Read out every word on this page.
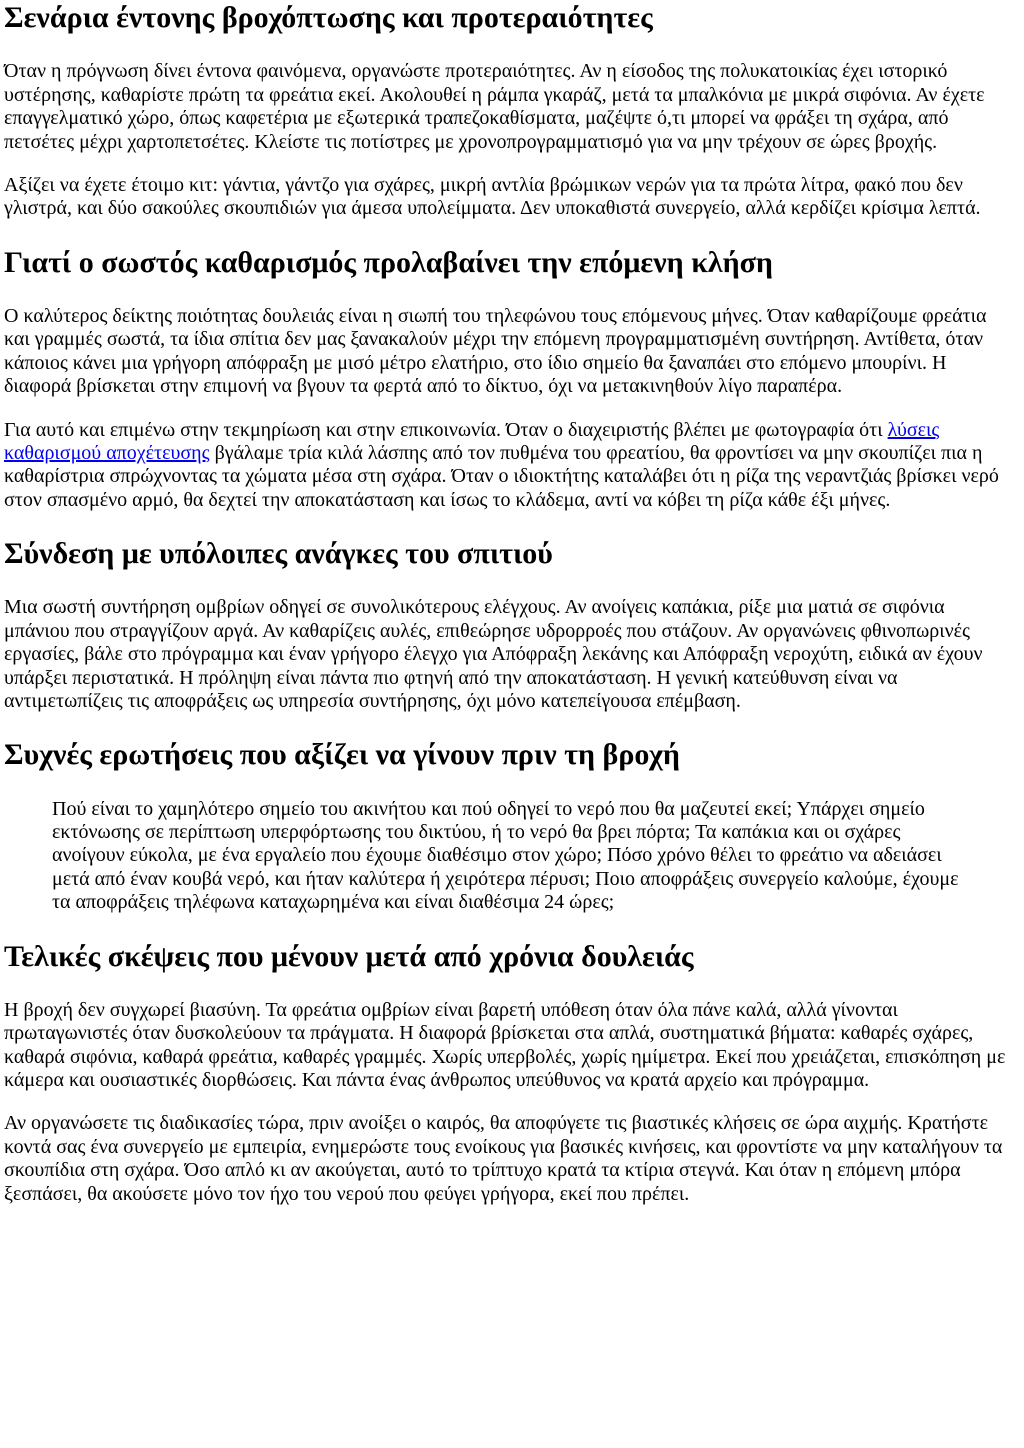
Σενάρια έντονης βροχόπτωσης και προτεραιότητες

Όταν η πρόγνωση δίνει έντονα φαινόμενα, οργανώστε προτεραιότητες. Αν η είσοδος της πολυκατοικίας έχει ιστορικό υστέρησης, καθαρίστε πρώτη τα φρεάτια εκεί. Ακολουθεί η ράμπα γκαράζ, μετά τα μπαλκόνια με μικρά σιφόνια. Αν έχετε επαγγελματικό χώρο, όπως καφετέρια με εξωτερικά τραπεζοκαθίσματα, μαζέψτε ό,τι μπορεί να φράξει τη σχάρα, από πετσέτες μέχρι χαρτοπετσέτες. Κλείστε τις ποτίστρες με χρονοπρογραμματισμό για να μην τρέχουν σε ώρες βροχής.

Αξίζει να έχετε έτοιμο κιτ: γάντια, γάντζο για σχάρες, μικρή αντλία βρώμικων νερών για τα πρώτα λίτρα, φακό που δεν γλιστρά, και δύο σακούλες σκουπιδιών για άμεσα υπολείμματα. Δεν υποκαθιστά συνεργείο, αλλά κερδίζει κρίσιμα λεπτά.

Γιατί ο σωστός καθαρισμός προλαβαίνει την επόμενη κλήση

Ο καλύτερος δείκτης ποιότητας δουλειάς είναι η σιωπή του τηλεφώνου τους επόμενους μήνες. Όταν καθαρίζουμε φρεάτια και γραμμές σωστά, τα ίδια σπίτια δεν μας ξανακαλούν μέχρι την επόμενη προγραμματισμένη συντήρηση. Αντίθετα, όταν κάποιος κάνει μια γρήγορη απόφραξη με μισό μέτρο ελατήριο, στο ίδιο σημείο θα ξαναπάει στο επόμενο μπουρίνι. Η διαφορά βρίσκεται στην επιμονή να βγουν τα φερτά από το δίκτυο, όχι να μετακινηθούν λίγο παραπέρα.

Για αυτό και επιμένω στην τεκμηρίωση και στην επικοινωνία. Όταν ο διαχειριστής βλέπει με φωτογραφία ότι λύσεις καθαρισμού αποχέτευσης βγάλαμε τρία κιλά λάσπης από τον πυθμένα του φρεατίου, θα φροντίσει να μην σκουπίζει πια η καθαρίστρια σπρώχνοντας τα χώματα μέσα στη σχάρα. Όταν ο ιδιοκτήτης καταλάβει ότι η ρίζα της νεραντζιάς βρίσκει νερό στον σπασμένο αρμό, θα δεχτεί την αποκατάσταση και ίσως το κλάδεμα, αντί να κόβει τη ρίζα κάθε έξι μήνες.

Σύνδεση με υπόλοιπες ανάγκες του σπιτιού

Μια σωστή συντήρηση ομβρίων οδηγεί σε συνολικότερους ελέγχους. Αν ανοίγεις καπάκια, ρίξε μια ματιά σε σιφόνια μπάνιου που στραγγίζουν αργά. Αν καθαρίζεις αυλές, επιθεώρησε υδρορροές που στάζουν. Αν οργανώνεις φθινοπωρινές εργασίες, βάλε στο πρόγραμμα και έναν γρήγορο έλεγχο για Απόφραξη λεκάνης και Απόφραξη νεροχύτη, ειδικά αν έχουν υπάρξει περιστατικά. Η πρόληψη είναι πάντα πιο φτηνή από την αποκατάσταση. Η γενική κατεύθυνση είναι να αντιμετωπίζεις τις αποφράξεις ως υπηρεσία συντήρησης, όχι μόνο κατεπείγουσα επέμβαση.

Συχνές ερωτήσεις που αξίζει να γίνουν πριν τη βροχή
Πού είναι το χαμηλότερο σημείο του ακινήτου και πού οδηγεί το νερό που θα μαζευτεί εκεί; Υπάρχει σημείο εκτόνωσης σε περίπτωση υπερφόρτωσης του δικτύου, ή το νερό θα βρει πόρτα; Τα καπάκια και οι σχάρες ανοίγουν εύκολα, με ένα εργαλείο που έχουμε διαθέσιμο στον χώρο; Πόσο χρόνο θέλει το φρεάτιο να αδειάσει μετά από έναν κουβά νερό, και ήταν καλύτερα ή χειρότερα πέρυσι; Ποιο αποφράξεις συνεργείο καλούμε, έχουμε τα αποφράξεις τηλέφωνα καταχωρημένα και είναι διαθέσιμα 24 ώρες;
Τελικές σκέψεις που μένουν μετά από χρόνια δουλειάς

Η βροχή δεν συγχωρεί βιασύνη. Τα φρεάτια ομβρίων είναι βαρετή υπόθεση όταν όλα πάνε καλά, αλλά γίνονται πρωταγωνιστές όταν δυσκολεύουν τα πράγματα. Η διαφορά βρίσκεται στα απλά, συστηματικά βήματα: καθαρές σχάρες, καθαρά σιφόνια, καθαρά φρεάτια, καθαρές γραμμές. Χωρίς υπερβολές, χωρίς ημίμετρα. Εκεί που χρειάζεται, επισκόπηση με κάμερα και ουσιαστικές διορθώσεις. Και πάντα ένας άνθρωπος υπεύθυνος να κρατά αρχείο και πρόγραμμα.

Αν οργανώσετε τις διαδικασίες τώρα, πριν ανοίξει ο καιρός, θα αποφύγετε τις βιαστικές κλήσεις σε ώρα αιχμής. Κρατήστε κοντά σας ένα συνεργείο με εμπειρία, ενημερώστε τους ενοίκους για βασικές κινήσεις, και φροντίστε να μην καταλήγουν τα σκουπίδια στη σχάρα. Όσο απλό κι αν ακούγεται, αυτό το τρίπτυχο κρατά τα κτίρια στεγνά. Και όταν η επόμενη μπόρα ξεσπάσει, θα ακούσετε μόνο τον ήχο του νερού που φεύγει γρήγορα, εκεί που πρέπει.
